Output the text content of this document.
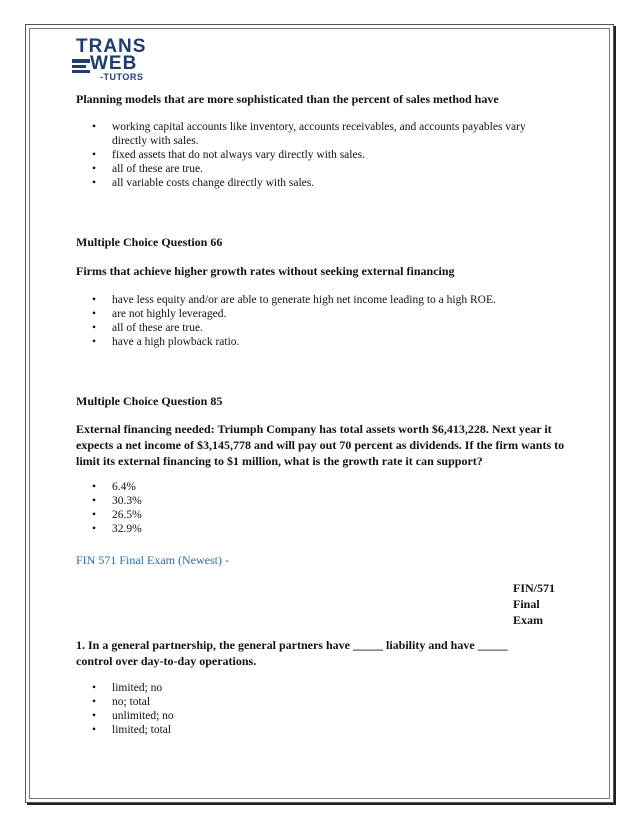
TRANS
WEB
-TUTORS
Planning models that are more sophisticated than the percent of sales method have
• working capital accounts like inventory, accounts receivables, and accounts payables vary directly with sales.
• fixed assets that do not always vary directly with sales.
• all of these are true.
• all variable costs change directly with sales.
Multiple Choice Question 66
Firms that achieve higher growth rates without seeking external financing
• have less equity and/or are able to generate high net income leading to a high ROE.
• are not highly leveraged.
• all of these are true.
• have a high plowback ratio.
Multiple Choice Question 85
External financing needed: Triumph Company has total assets worth $6,413,228. Next year it expects a net income of $3,145,778 and will pay out 70 percent as dividends. If the firm wants to limit its external financing to $1 million, what is the growth rate it can support?
• 6.4%
• 30.3%
• 26.5%
• 32.9%
FIN 571 Final Exam (Newest) -
FIN/571
Final
Exam
1. In a general partnership, the general partners have _____ liability and have _____ control over day-to-day operations.
• limited; no
• no; total
• unlimited; no
• limited; total
